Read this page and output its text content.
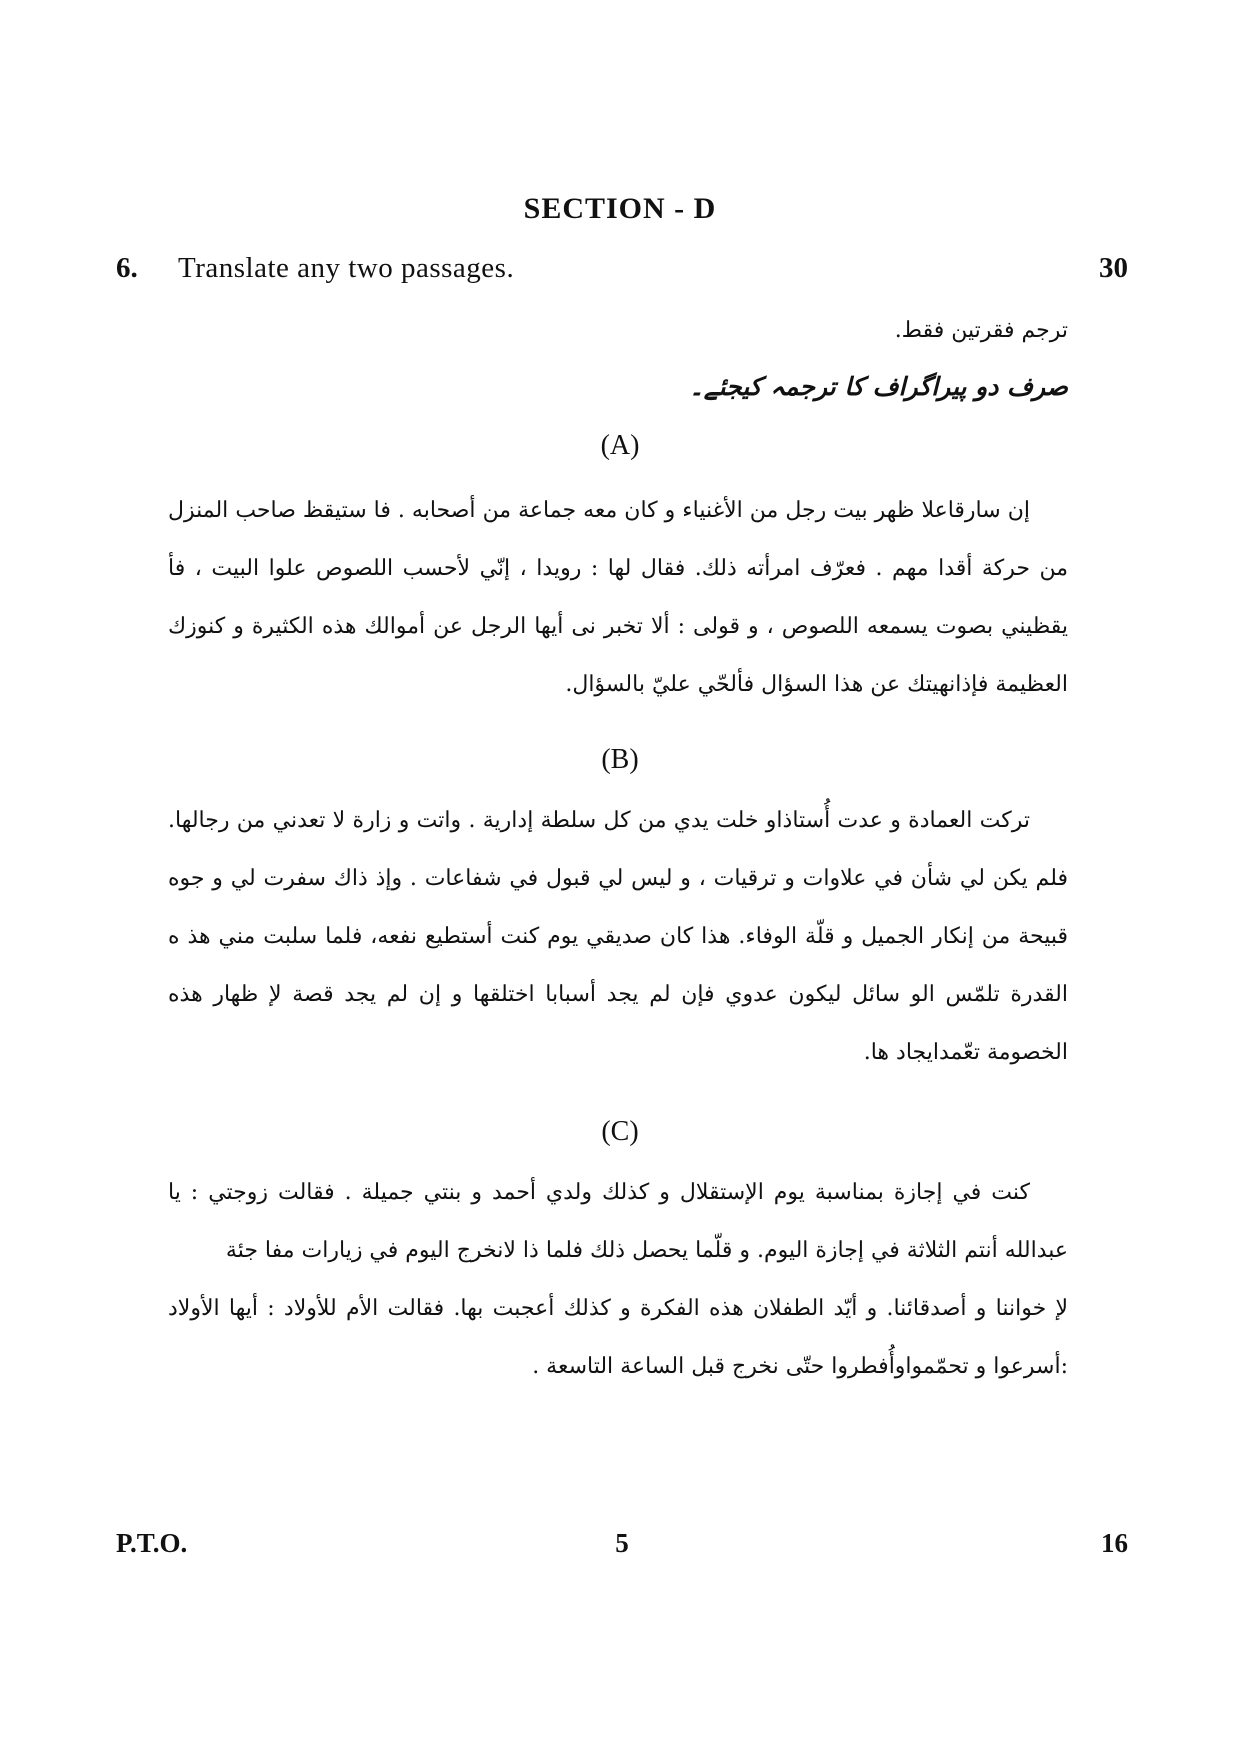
SECTION - D
6. Translate any two passages.	30
ترجم فقرتين فقط.
صرف دو پیراگراف کا ترجمہ کیجئے۔
(A)

إن سارقاعلا ظهر بيت رجل من الأغنياء و كان معه جماعة من أصحابه . فا ستيقظ صاحب المنزل من حركة أقدا مهم . فعرّف امرأته ذلك. فقال لها : رويدا ، إنّي لأحسب اللصوص علوا البيت ، فأ يقظيني بصوت يسمعه اللصوص ، و قولى : ألا تخبر نى أيها الرجل عن أموالك هذه الكثيرة و كنوزك العظيمة فإذانهيتك عن هذا السؤال فألحّي عليّ بالسؤال.

(B)

تركت العمادة و عدت أُستاذاو خلت يدي من كل سلطة إدارية . واتت و زارة لا تعدني من رجالها. فلم يكن لي شأن في علاوات و ترقيات ، و ليس لي قبول في شفاعات . وإذ ذاك سفرت لي و جوه قبيحة من إنكار الجميل و قلّة الوفاء. هذا كان صديقي يوم كنت أستطيع نفعه، فلما سلبت مني هذ ه القدرة تلمّس الو سائل ليكون عدوي فإن لم يجد أسبابا اختلقها و إن لم يجد قصة لإ ظهار هذه الخصومة تعّمدايجاد ها.

(C)

كنت في إجازة بمناسبة يوم الإستقلال و كذلك ولدي أحمد و بنتي جميلة . فقالت زوجتي : يا عبدالله أنتم الثلاثة في إجازة اليوم. و قلّما يحصل ذلك فلما ذا لانخرج اليوم في زيارات مفا جئة

لإ خواننا و أصدقائنا. و أيّد الطفلان هذه الفكرة و كذلك أعجبت بها. فقالت الأم للأولاد : أيها الأولاد :أسرعوا و تحمّمواوأُفطروا حتّى نخرج قبل الساعة التاسعة .

P.T.O.	5	16
